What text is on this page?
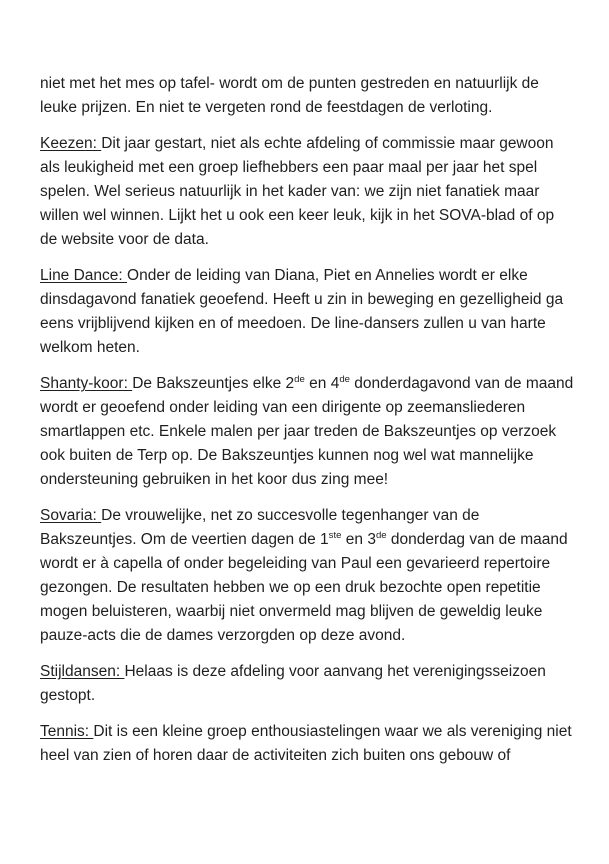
niet met het mes op tafel- wordt om de punten gestreden en natuurlijk de leuke prijzen. En niet te vergeten rond de feestdagen de verloting.

Keezen: Dit jaar gestart, niet als echte afdeling of commissie maar gewoon als leukigheid met een groep liefhebbers een paar maal per jaar het spel spelen. Wel serieus natuurlijk in het kader van: we zijn niet fanatiek maar willen wel winnen. Lijkt het u ook een keer leuk, kijk in het SOVA-blad of op de website voor de data.

Line Dance: Onder de leiding van Diana, Piet en Annelies wordt er elke dinsdagavond fanatiek geoefend. Heeft u zin in beweging en gezelligheid ga eens vrijblijvend kijken en of meedoen. De line-dansers zullen u van harte welkom heten.

Shanty-koor: De Bakszeuntjes elke 2de en 4de donderdagavond van de maand wordt er geoefend onder leiding van een dirigente op zeemansliederen smartlappen etc. Enkele malen per jaar treden de Bakszeuntjes op verzoek ook buiten de Terp op. De Bakszeuntjes kunnen nog wel wat mannelijke ondersteuning gebruiken in het koor dus zing mee!

Sovaria: De vrouwelijke, net zo succesvolle tegenhanger van de Bakszeuntjes. Om de veertien dagen de 1ste en 3de donderdag van de maand wordt er à capella of onder begeleiding van Paul een gevarieerd repertoire gezongen. De resultaten hebben we op een druk bezochte open repetitie mogen beluisteren, waarbij niet onvermeld mag blijven de geweldig leuke pauze-acts die de dames verzorgden op deze avond.

Stijldansen: Helaas is deze afdeling voor aanvang het verenigingsseizoen gestopt.

Tennis: Dit is een kleine groep enthousiastelingen waar we als vereniging niet heel van zien of horen daar de activiteiten zich buiten ons gebouw of
